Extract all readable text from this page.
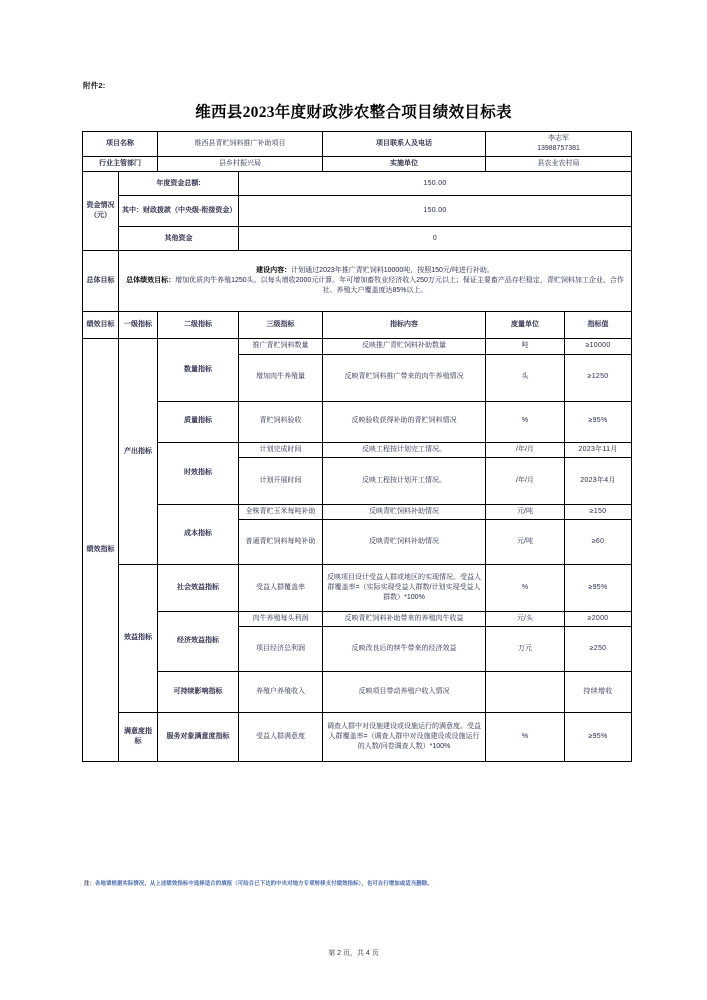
附件2:
维西县2023年度财政涉农整合项目绩效目标表
项目名称		维西县青贮饲料推广补助项目		项目联系人及电话	李志军
13988757381	

行业主管部门		县乡村振兴局		实施单位	县农业农村局	
资金情况（元）	年度资金总额:		150.00			
	其中：财政拨款（中央级-衔接资金）		150.00			
	其他资金		0			
总体目标	建设内容：计划通过2023年推广青贮饲料10000吨，按照150元/吨进行补助。
总体绩效目标：增加优质肉牛养殖1250头。以每头增收2000元计算。年可增加畜牧业经济收入250万元以上；保证主要畜产品存栏稳定，青贮饲料加工企业、合作社、养殖大户覆盖度达85%以上。					

绩效目标	一级指标	二级指标	三级指标	指标内容	度量单位	指标值
绩效指标	产出指标	数量指标	推广青贮饲料数量	反映推广青贮饲料补助数量	吨	≥10000
			增加肉牛养殖量	反映青贮饲料推广带来的肉牛养殖情况	头	≥1250
		质量指标	青贮饲料验收	反映验收获得补助的青贮饲料情况	%	≥95%
		时效指标	计划完成时间	反映工程按计划完工情况。	/年/月	2023年11月
			计划开展时间	反映工程按计划开工情况。	/年/月	2023年4月
		成本指标	全株青贮玉米每吨补助	反映青贮饲料补助情况	元/吨	≥150
			普通青贮饲料每吨补助	反映青贮饲料补助情况	元/吨	≥60
	效益指标	社会效益指标	受益人群覆盖率	反映项目设计受益人群或地区的实现情况。受益人群覆盖率=（实际实现受益人群数/计划实现受益人群数）*100%	%	≥95%
		经济效益指标	肉牛养殖每头利润	反映青贮饲料补助带来的养殖肉牛收益	元/头	≥2000
			项目经济总利润	反映改良后的犊牛带来的经济效益	万元	≥250
		可持续影响指标	养殖户养殖收入	反映项目带动养殖户收入情况		持续增收
	满意度指标	服务对象满意度指标	受益人群满意度	调查人群中对设施建设或设施运行的满意度。受益人群覆盖率=（调查人群中对设施建设或设施运行的人数/问卷调查人数）*100%	%	≥95%
注：各地请根据实际情况，从上述绩效指标中选择适合的填报（可结合已下达的中央对地方专项转移支付绩效指标），也可自行增加或适当删除。
第 2 页，共 4 页
